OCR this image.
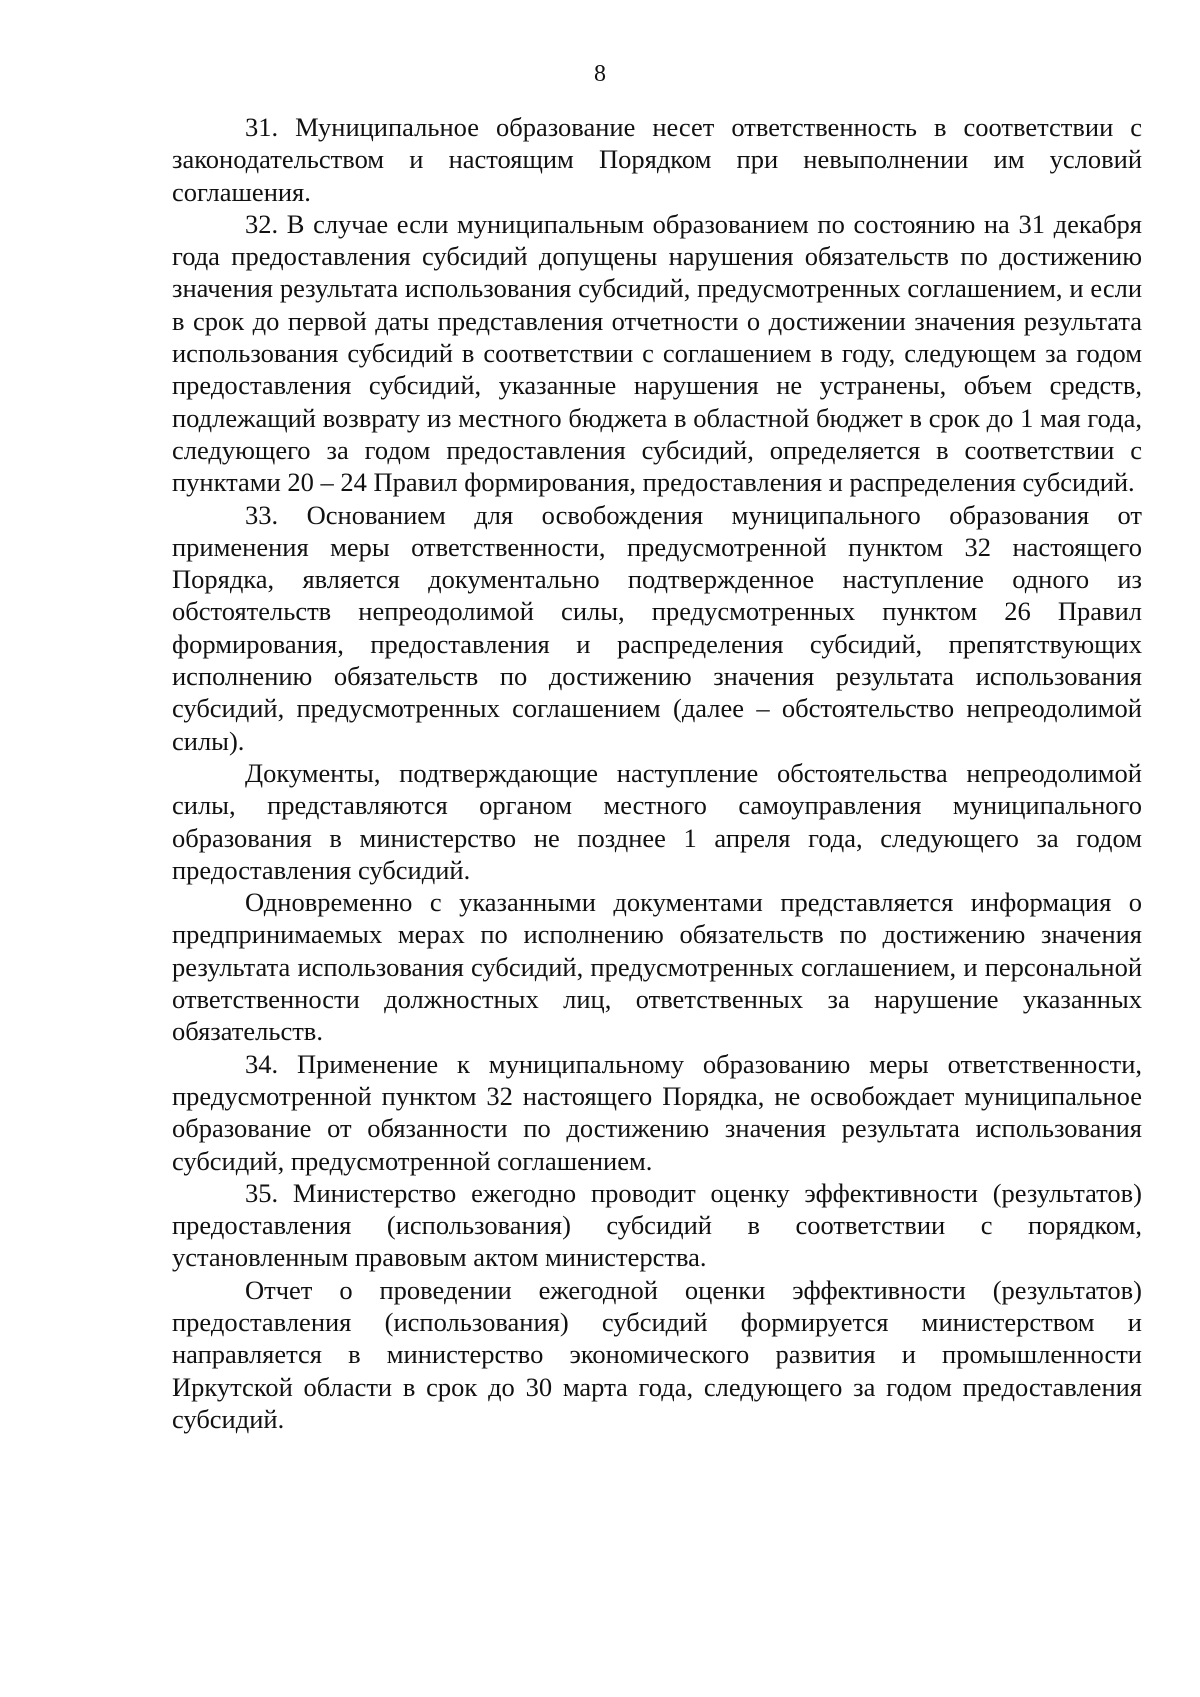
8

31. Муниципальное образование несет ответственность в соответствии с законодательством и настоящим Порядком при невыполнении им условий соглашения.

32. В случае если муниципальным образованием по состоянию на 31 декабря года предоставления субсидий допущены нарушения обязательств по достижению значения результата использования субсидий, предусмотренных соглашением, и если в срок до первой даты представления отчетности о достижении значения результата использования субсидий в соответствии с соглашением в году, следующем за годом предоставления субсидий, указанные нарушения не устранены, объем средств, подлежащий возврату из местного бюджета в областной бюджет в срок до 1 мая года, следующего за годом предоставления субсидий, определяется в соответствии с пунктами 20 – 24 Правил формирования, предоставления и распределения субсидий.

33. Основанием для освобождения муниципального образования от применения меры ответственности, предусмотренной пунктом 32 настоящего Порядка, является документально подтвержденное наступление одного из обстоятельств непреодолимой силы, предусмотренных пунктом 26 Правил формирования, предоставления и распределения субсидий, препятствующих исполнению обязательств по достижению значения результата использования субсидий, предусмотренных соглашением (далее – обстоятельство непреодолимой силы).

Документы, подтверждающие наступление обстоятельства непреодолимой силы, представляются органом местного самоуправления муниципального образования в министерство не позднее 1 апреля года, следующего за годом предоставления субсидий.

Одновременно с указанными документами представляется информация о предпринимаемых мерах по исполнению обязательств по достижению значения результата использования субсидий, предусмотренных соглашением, и персональной ответственности должностных лиц, ответственных за нарушение указанных обязательств.

34. Применение к муниципальному образованию меры ответственности, предусмотренной пунктом 32 настоящего Порядка, не освобождает муниципальное образование от обязанности по достижению значения результата использования субсидий, предусмотренной соглашением.

35. Министерство ежегодно проводит оценку эффективности (результатов) предоставления (использования) субсидий в соответствии с порядком, установленным правовым актом министерства.

Отчет о проведении ежегодной оценки эффективности (результатов) предоставления (использования) субсидий формируется министерством и направляется в министерство экономического развития и промышленности Иркутской области в срок до 30 марта года, следующего за годом предоставления субсидий.
